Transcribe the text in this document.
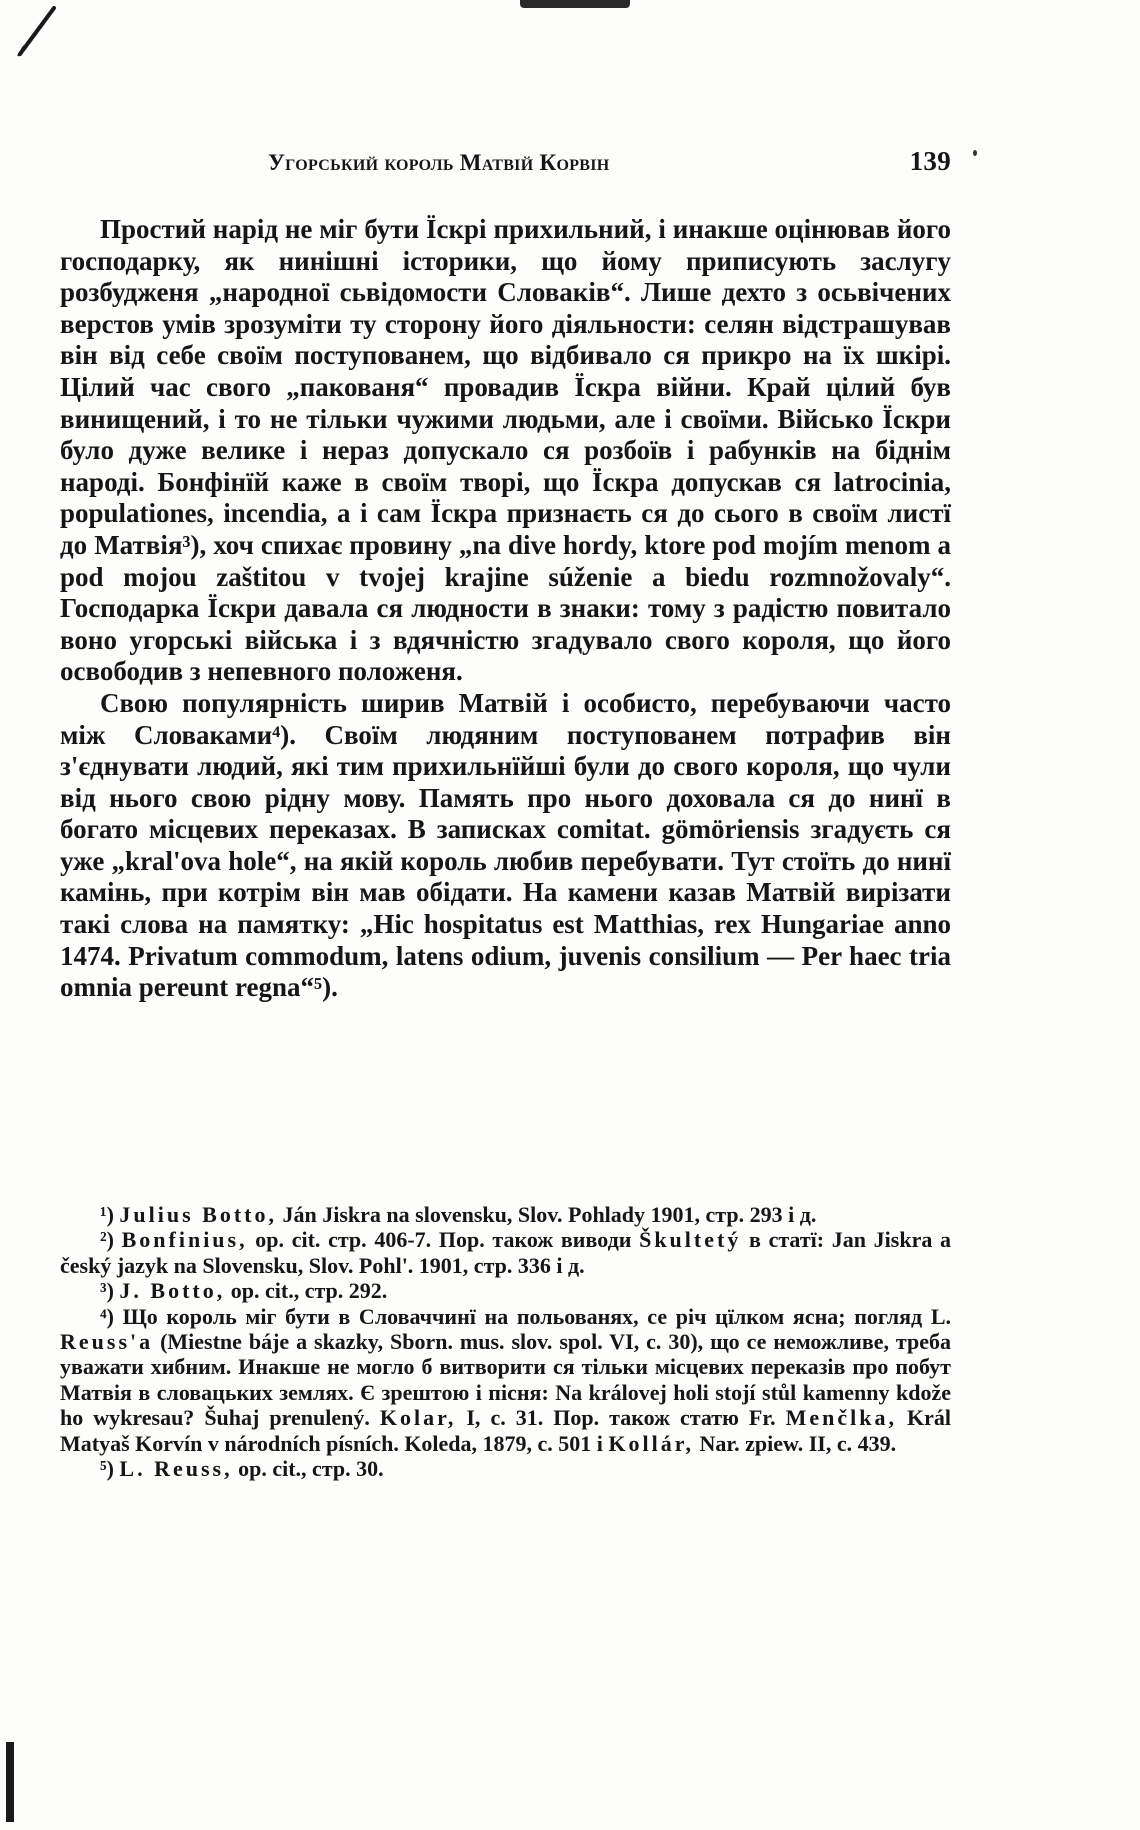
Угорський король Матвій Корвін	139

Простий нарід не міг бути Їскрі прихильний, і инакше оцінював його господарку, як нинішні історики, що йому приписують заслугу розбудженя „народної сьвідомости Словаків“. Лише дехто з осьвічених верстов умів зрозуміти ту сторону його діяльности: селян відстрашував він від себе своїм поступованем, що відбивало ся прикро на їх шкірі. Цілий час свого „пакованя“ провадив Їскра війни. Край цілий був винищений, і то не тільки чужими людьми, але і своїми. Військо Їскри було дуже велике і нераз допускало ся розбоїв і рабунків на біднім народі. Бонфінїй каже в своїм творі, що Їскра допускав ся latrocinia, populationes, incendia, а і сам Їскра признаєть ся до сього в своїм листї до Матвія³), хоч спихає провину „na dive hordy, ktore pod mojím menom a pod mojou zaštitou v tvojej krajine súženie a biedu rozmnožovaly“. Господарка Їскри давала ся людности в знаки: тому з радістю повитало воно угорські війська і з вдячністю згадувало свого короля, що його освободив з непевного положеня.

Свою популярність ширив Матвій і особисто, перебуваючи часто між Словаками⁴). Своїм людяним поступованем потрафив він з'єднувати людий, які тим прихильнїйші були до свого короля, що чули від нього свою рідну мову. Память про нього доховала ся до нинї в богато місцевих переказах. В записках comitat. gömöriensis згадуєть ся уже „kral'ova hole“, на якій король любив перебувати. Тут стоїть до нинї камінь, при котрім він мав обідати. На камени казав Матвій вирізати такі слова на памятку: „Hic hospitatus est Matthias, rex Hungariae anno 1474. Privatum commodum, latens odium, juvenis consilium — Per haec tria omnia pereunt regna“⁵).

¹) Julius Botto, Ján Jiskra na slovensku, Slov. Pohlady 1901, стр. 293 і д.

²) Bonfinius, op. cit. стр. 406-7. Пор. також виводи Škultetý в статї: Jan Jiskra a český jazyk na Slovensku, Slov. Pohl'. 1901, стр. 336 і д.

³) J. Botto, op. cit., стр. 292.

⁴) Що король міг бути в Словаччинї на польованях, се річ цїлком ясна; погляд L. Reuss'a (Miestne báje a skazky, Sborn. mus. slov. spol. VI, c. 30), що се неможливе, треба уважати хибним. Инакше не могло б витворити ся тільки місцевих переказів про побут Матвія в словацьких землях. Є зрештою і пісня: Na královej holi stojí stůl kamenny kdože ho wykresau? Šuhaj prenulený. Kolar, I, c. 31. Пор. також статю Fr. Menčlka, Král Matyaš Korvín v národních písních. Koleda, 1879, c. 501 і Kollár, Nar. zpiew. II, c. 439.

⁵) L. Reuss, op. cit., стр. 30.
